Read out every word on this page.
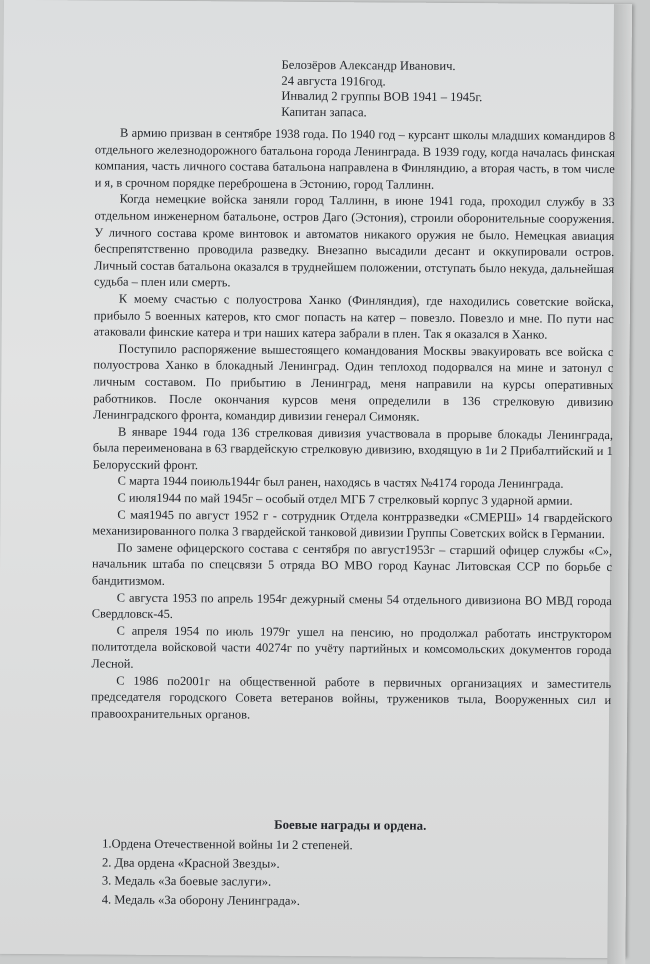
Белозёров Александр Иванович.
24 августа 1916год.
Инвалид 2 группы ВОВ 1941 – 1945г.
Капитан запаса.

В армию призван в сентябре 1938 года. По 1940 год – курсант школы младших командиров 8 отдельного железнодорожного батальона города Ленинграда. В 1939 году, когда началась финская компания, часть личного состава батальона направлена в Финляндию, а вторая часть, в том числе и я, в срочном порядке переброшена в Эстонию, город Таллинн.

Когда немецкие войска заняли город Таллинн, в июне 1941 года, проходил службу в 33 отдельном инженерном батальоне, остров Даго (Эстония), строили оборонительные сооружения. У личного состава кроме винтовок и автоматов никакого оружия не было. Немецкая авиация беспрепятственно проводила разведку. Внезапно высадили десант и оккупировали остров. Личный состав батальона оказался в труднейшем положении, отступать было некуда, дальнейшая судьба – плен или смерть.

К моему счастью с полуострова Ханко (Финляндия), где находились советские войска, прибыло 5 военных катеров, кто смог попасть на катер – повезло. Повезло и мне. По пути нас атаковали финские катера и три наших катера забрали в плен. Так я оказался в Ханко.

Поступило распоряжение вышестоящего командования Москвы эвакуировать все войска с полуострова Ханко в блокадный Ленинград. Один теплоход подорвался на мине и затонул с личным составом. По прибытию в Ленинград, меня направили на курсы оперативных работников. После окончания курсов меня определили в 136 стрелковую дивизию Ленинградского фронта, командир дивизии генерал Симоняк.

В январе 1944 года 136 стрелковая дивизия участвовала в прорыве блокады Ленинграда, была переименована в 63 гвардейскую стрелковую дивизию, входящую в 1и 2 Прибалтийский и 1 Белорусский фронт.

С марта 1944 поиюль1944г был ранен, находясь в частях №4174 города Ленинграда.

С июля1944 по май 1945г – особый отдел МГБ 7 стрелковый корпус 3 ударной армии.

С мая1945 по август 1952 г - сотрудник Отдела контрразведки «СМЕРШ» 14 гвардейского механизированного полка 3 гвардейской танковой дивизии Группы Советских войск в Германии.

По замене офицерского состава с сентября по август1953г – старший офицер службы «С», начальник штаба по спецсвязи 5 отряда ВО МВО город Каунас Литовская ССР по борьбе с бандитизмом.

С августа 1953 по апрель 1954г дежурный смены 54 отдельного дивизиона ВО МВД города Свердловск-45.

С апреля 1954 по июль 1979г ушел на пенсию, но продолжал работать инструктором политотдела войсковой части 40274г по учёту партийных и комсомольских документов города Лесной.

С 1986 по2001г на общественной работе в первичных организациях и заместитель председателя городского Совета ветеранов войны, тружеников тыла, Вооруженных сил и правоохранительных органов.

Боевые награды и ордена.
1.Ордена Отечественной войны 1и 2 степеней.
2. Два ордена «Красной Звезды».
3. Медаль «За боевые заслуги».
4. Медаль «За оборону Ленинграда».
